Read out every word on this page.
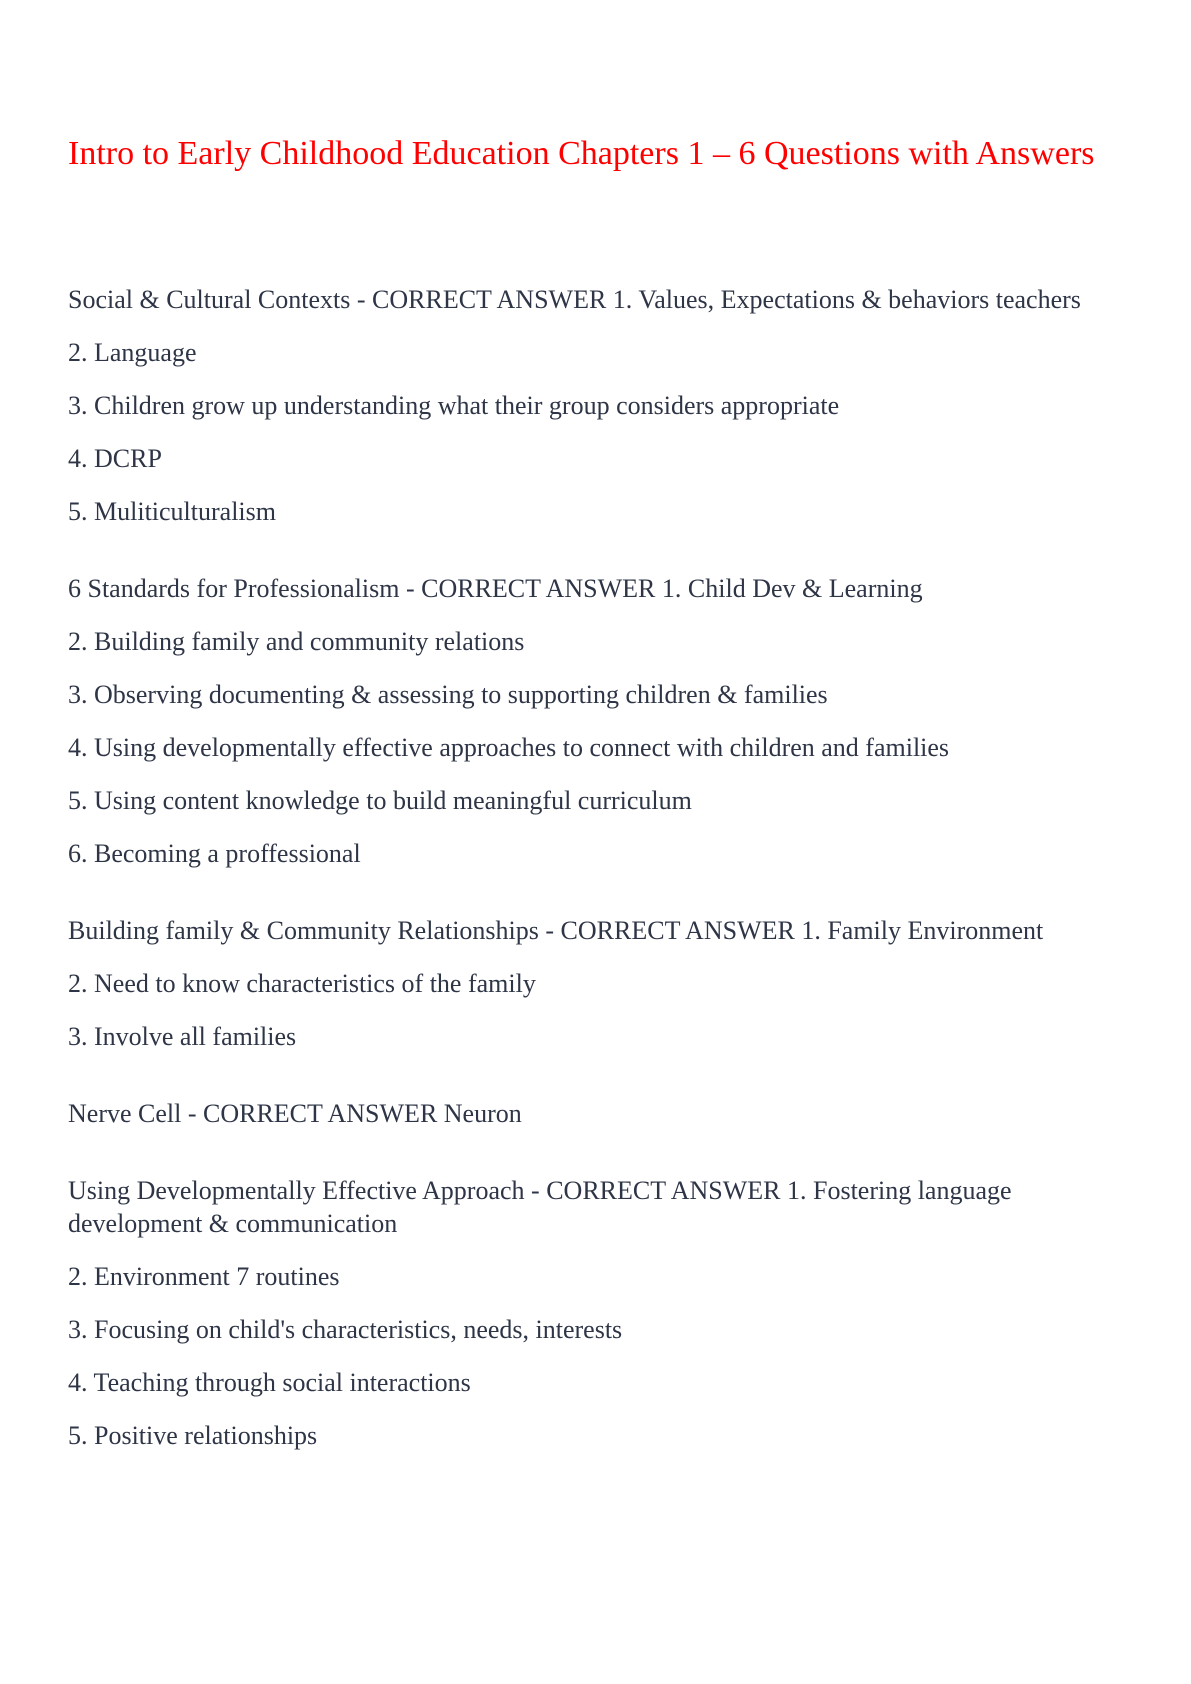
Intro to Early Childhood Education Chapters 1 – 6 Questions with Answers

Social & Cultural Contexts - CORRECT ANSWER 1. Values, Expectations & behaviors teachers

2. Language

3. Children grow up understanding what their group considers appropriate

4. DCRP

5. Muliticulturalism

6 Standards for Professionalism - CORRECT ANSWER 1. Child Dev & Learning

2. Building family and community relations

3. Observing documenting & assessing to supporting children & families

4. Using developmentally effective approaches to connect with children and families

5. Using content knowledge to build meaningful curriculum

6. Becoming a proffessional

Building family & Community Relationships - CORRECT ANSWER 1. Family Environment

2. Need to know characteristics of the family

3. Involve all families

Nerve Cell - CORRECT ANSWER Neuron

Using Developmentally Effective Approach - CORRECT ANSWER 1. Fostering language development & communication

2. Environment 7 routines

3. Focusing on child's characteristics, needs, interests

4. Teaching through social interactions

5. Positive relationships
